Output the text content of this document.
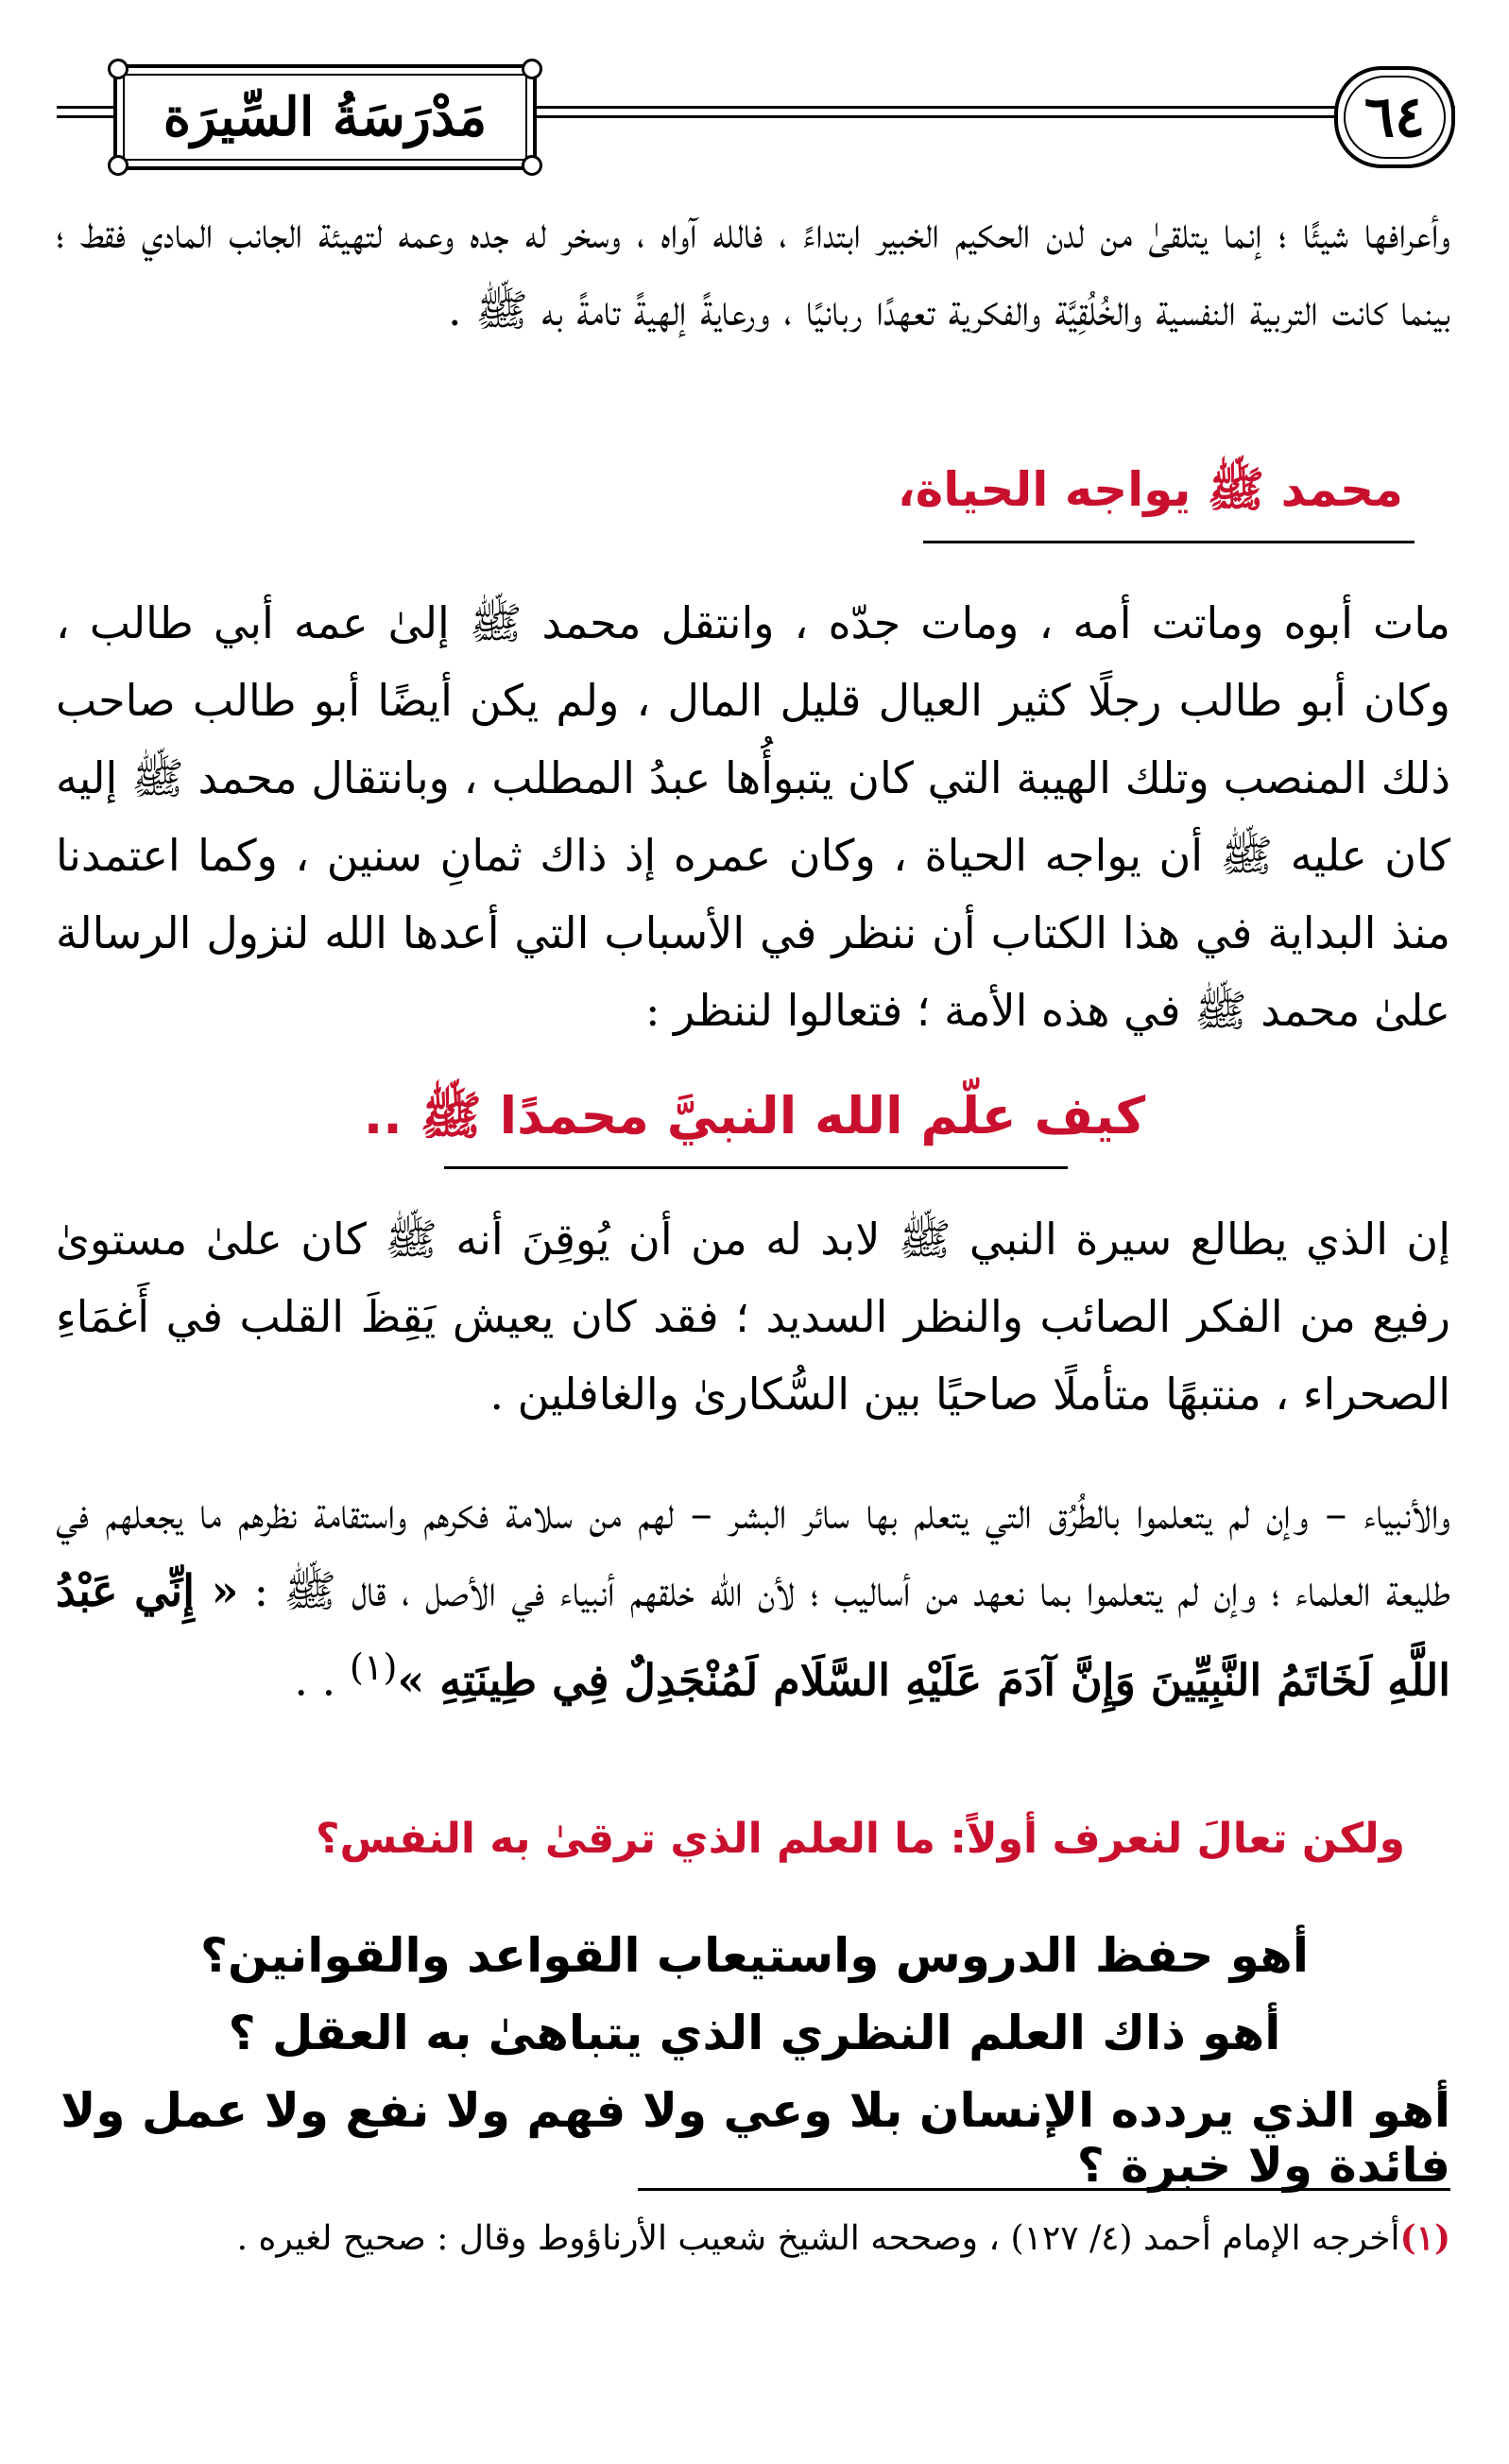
٦٤
مَدْرَسَةُ السِّيرَة
وأعرافها شيئًا ؛ إنما يتلقىٰ من لدن الحكيم الخبير ابتداءً ، فالله آواه ، وسخر له جده وعمه لتهيئة الجانب المادي فقط ؛ بينما كانت التربية النفسية والخُلُقِيَّة والفكرية تعهدًا ربانيًا ، ورعايةً إلهيةً تامةً به ﷺ .
محمد ﷺ يواجه الحياة،
مات أبوه وماتت أمه ، ومات جدّه ، وانتقل محمد ﷺ إلىٰ عمه أبي طالب ، وكان أبو طالب رجلًا كثير العيال قليل المال ، ولم يكن أيضًا أبو طالب صاحب ذلك المنصب وتلك الهيبة التي كان يتبوأُها عبدُ المطلب ، وبانتقال محمد ﷺ إليه كان عليه ﷺ أن يواجه الحياة ، وكان عمره إذ ذاك ثمانِ سنين ، وكما اعتمدنا منذ البداية في هذا الكتاب أن ننظر في الأسباب التي أعدها الله لنزول الرسالة علىٰ محمد ﷺ في هذه الأمة ؛ فتعالوا لننظر :
كيف علّم الله النبيَّ محمدًا ﷺ ..
إن الذي يطالع سيرة النبي ﷺ لابد له من أن يُوقِنَ أنه ﷺ كان علىٰ مستوىٰ رفيع من الفكر الصائب والنظر السديد ؛ فقد كان يعيش يَقِظَ القلب في أَغمَاءِ الصحراء ، منتبهًا متأملًا صاحيًا بين السُّكارىٰ والغافلين .
والأنبياء – وإن لم يتعلموا بالطُرُق التي يتعلم بها سائر البشر – لهم من سلامة فكرهم واستقامة نظرهم ما يجعلهم في طليعة العلماء ؛ وإن لم يتعلموا بما نعهد من أساليب ؛ لأن الله خلقهم أنبياء في الأصل ، قال ﷺ : « إِنِّي عَبْدُ اللَّهِ لَخَاتَمُ النَّبِيِّينَ وَإِنَّ آدَمَ عَلَيْهِ السَّلَام لَمُنْجَدِلٌ فِي طِينَتِهِ »$^{(١)}$ . .
ولكن تعالَ لنعرف أولاً: ما العلم الذي ترقىٰ به النفس؟
أهو حفظ الدروس واستيعاب القواعد والقوانين؟
أهو ذاك العلم النظري الذي يتباهىٰ به العقل ؟
أهو الذي يردده الإنسان بلا وعي ولا فهم ولا نفع ولا عمل ولا فائدة ولا خبرة ؟
(١)أخرجه الإمام أحمد (٤/ ١٢٧) ، وصححه الشيخ شعيب الأرناؤوط وقال : صحيح لغيره .
